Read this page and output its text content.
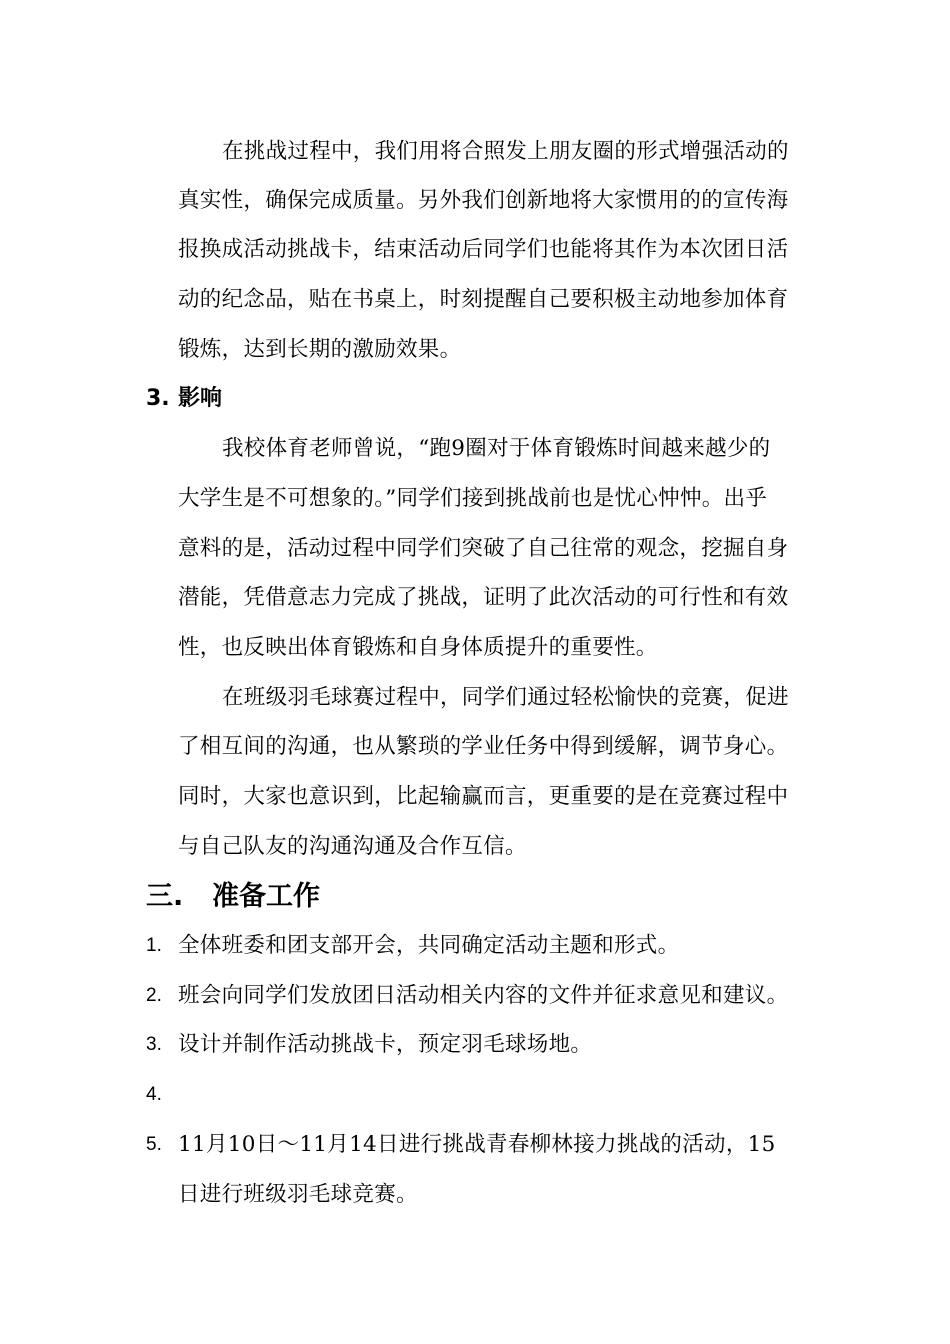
在挑战过程中，我们用将合照发上朋友圈的形式增强活动的
真实性，确保完成质量。另外我们创新地将大家惯用的的宣传海
报换成活动挑战卡，结束活动后同学们也能将其作为本次团日活
动的纪念品，贴在书桌上，时刻提醒自己要积极主动地参加体育
锻炼，达到长期的激励效果。
3. 影响
我校体育老师曾说，“跑9圈对于体育锻炼时间越来越少的
大学生是不可想象的。”同学们接到挑战前也是忧心忡忡。出乎
意料的是，活动过程中同学们突破了自己往常的观念，挖掘自身
潜能，凭借意志力完成了挑战，证明了此次活动的可行性和有效
性，也反映出体育锻炼和自身体质提升的重要性。
在班级羽毛球赛过程中，同学们通过轻松愉快的竞赛，促进
了相互间的沟通，也从繁琐的学业任务中得到缓解，调节身心。
同时，大家也意识到，比起输赢而言，更重要的是在竞赛过程中
与自己队友的沟通沟通及合作互信。
三. 准备工作
1. 全体班委和团支部开会，共同确定活动主题和形式。
2. 班会向同学们发放团日活动相关内容的文件并征求意见和建议。
3. 设计并制作活动挑战卡，预定羽毛球场地。
4.
5. 11月10日～11月14日进行挑战青春柳林接力挑战的活动，15
日进行班级羽毛球竞赛。
